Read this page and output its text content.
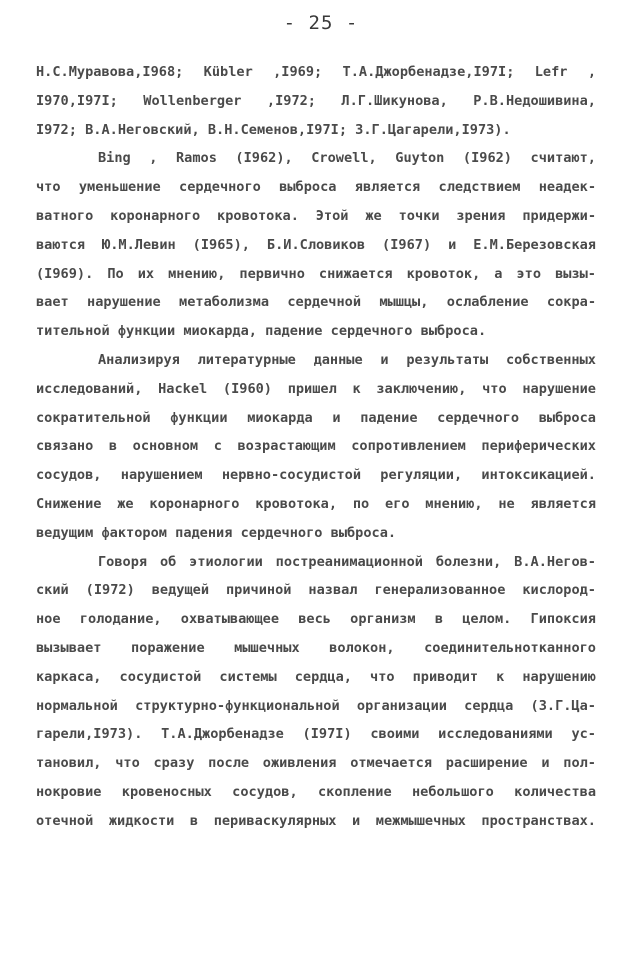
- 25 -
Н.С.Муравова,I968; Kübler ,I969; Т.А.Джорбенадзе,I97I; Lefr ,
I970,I97I; Wollenberger ,I972; Л.Г.Шикунова, Р.В.Недошивина,
I972; В.А.Неговский, В.Н.Семенов,I97I; З.Г.Цагарели,I973).
Bing , Ramos (I962), Crowell, Guyton (I962) считают,
что уменьшение сердечного выброса является следствием неадек-
ватного коронарного кровотока. Этой же точки зрения придержи-
ваются Ю.М.Левин (I965), Б.И.Словиков (I967) и Е.М.Березовская
(I969). По их мнению, первично снижается кровоток, а это вызы-
вает нарушение метаболизма сердечной мышцы, ослабление сокра-
тительной функции миокарда, падение сердечного выброса.
Анализируя литературные данные и результаты собственных
исследований, Hackel (I960) пришел к заключению, что нарушение
сократительной функции миокарда и падение сердечного выброса
связано в основном с возрастающим сопротивлением периферических
сосудов, нарушением нервно-сосудистой регуляции, интоксикацией.
Снижение же коронарного кровотока, по его мнению, не является
ведущим фактором падения сердечного выброса.
Говоря об этиологии постреанимационной болезни, В.А.Негов-
ский (I972) ведущей причиной назвал генерализованное кислород-
ное голодание, охватывающее весь организм в целом. Гипоксия
вызывает поражение мышечных волокон, соединительнотканного
каркаса, сосудистой системы сердца, что приводит к нарушению
нормальной структурно-функциональной организации сердца (З.Г.Ца-
гарели,I973). Т.А.Джорбенадзе (I97I) своими исследованиями ус-
тановил, что сразу после оживления отмечается расширение и пол-
нокровие кровеносных сосудов, скопление небольшого количества
отечной жидкости в периваскулярных и межмышечных пространствах.
